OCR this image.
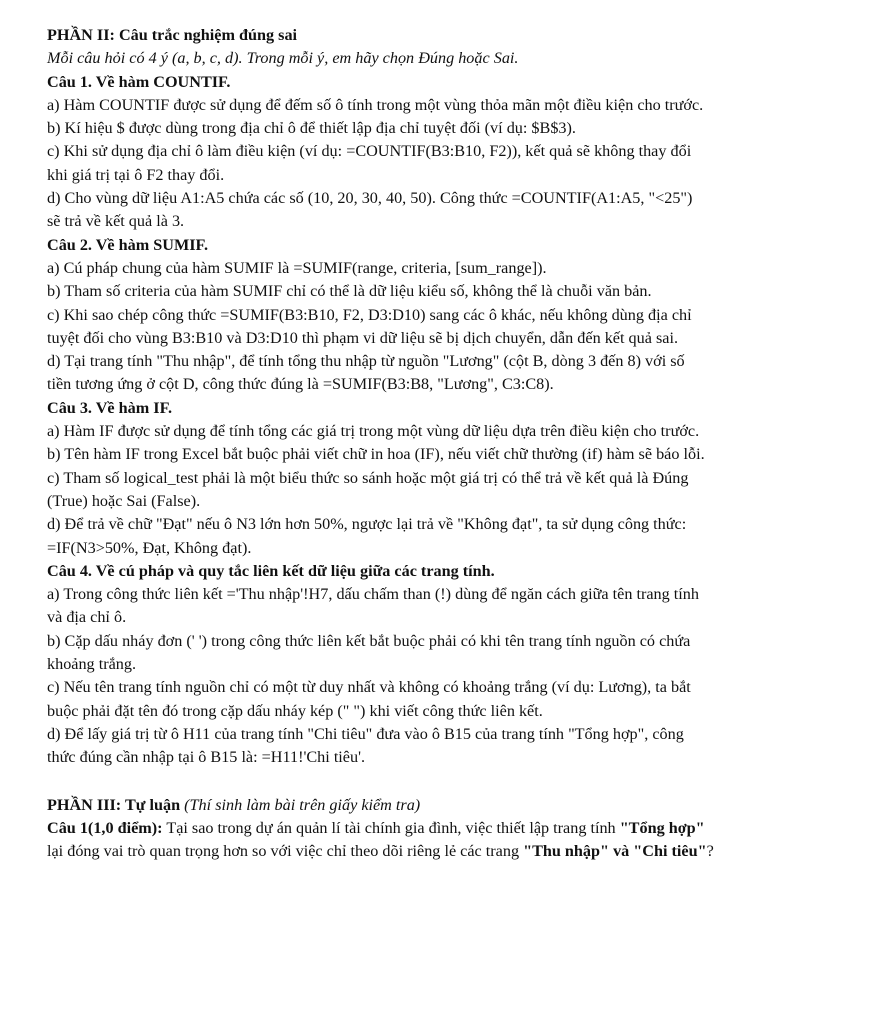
PHẦN II: Câu trắc nghiệm đúng sai
Mỗi câu hỏi có 4 ý (a, b, c, d). Trong mỗi ý, em hãy chọn Đúng hoặc Sai.
Câu 1. Về hàm COUNTIF.
a) Hàm COUNTIF được sử dụng để đếm số ô tính trong một vùng thỏa mãn một điều kiện cho trước.
b) Kí hiệu $ được dùng trong địa chỉ ô để thiết lập địa chỉ tuyệt đối (ví dụ: $B$3).
c) Khi sử dụng địa chỉ ô làm điều kiện (ví dụ: =COUNTIF(B3:B10, F2)), kết quả sẽ không thay đổi
khi giá trị tại ô F2 thay đổi.
d) Cho vùng dữ liệu A1:A5 chứa các số (10, 20, 30, 40, 50). Công thức =COUNTIF(A1:A5, "<25")
sẽ trả về kết quả là 3.
Câu 2. Về hàm SUMIF.
a) Cú pháp chung của hàm SUMIF là =SUMIF(range, criteria, [sum_range]).
b) Tham số criteria của hàm SUMIF chỉ có thể là dữ liệu kiểu số, không thể là chuỗi văn bản.
c) Khi sao chép công thức =SUMIF(B3:B10, F2, D3:D10) sang các ô khác, nếu không dùng địa chỉ
tuyệt đối cho vùng B3:B10 và D3:D10 thì phạm vi dữ liệu sẽ bị dịch chuyển, dẫn đến kết quả sai.
d) Tại trang tính "Thu nhập", để tính tổng thu nhập từ nguồn "Lương" (cột B, dòng 3 đến 8) với số
tiền tương ứng ở cột D, công thức đúng là =SUMIF(B3:B8, "Lương", C3:C8).
Câu 3. Về hàm IF.
a) Hàm IF được sử dụng để tính tổng các giá trị trong một vùng dữ liệu dựa trên điều kiện cho trước.
b) Tên hàm IF trong Excel bắt buộc phải viết chữ in hoa (IF), nếu viết chữ thường (if) hàm sẽ báo lỗi.
c) Tham số logical_test phải là một biểu thức so sánh hoặc một giá trị có thể trả về kết quả là Đúng
(True) hoặc Sai (False).
d) Để trả về chữ "Đạt" nếu ô N3 lớn hơn 50%, ngược lại trả về "Không đạt", ta sử dụng công thức:
=IF(N3>50%, Đạt, Không đạt).
Câu 4. Về cú pháp và quy tắc liên kết dữ liệu giữa các trang tính.
a) Trong công thức liên kết ='Thu nhập'!H7, dấu chấm than (!) dùng để ngăn cách giữa tên trang tính
và địa chỉ ô.
b) Cặp dấu nháy đơn (' ') trong công thức liên kết bắt buộc phải có khi tên trang tính nguồn có chứa
khoảng trắng.
c) Nếu tên trang tính nguồn chỉ có một từ duy nhất và không có khoảng trắng (ví dụ: Lương), ta bắt
buộc phải đặt tên đó trong cặp dấu nháy kép (" ") khi viết công thức liên kết.
d) Để lấy giá trị từ ô H11 của trang tính "Chi tiêu" đưa vào ô B15 của trang tính "Tổng hợp", công
thức đúng cần nhập tại ô B15 là: =H11!'Chi tiêu'.
PHẦN III: Tự luận (Thí sinh làm bài trên giấy kiểm tra)
Câu 1(1,0 điểm): Tại sao trong dự án quản lí tài chính gia đình, việc thiết lập trang tính "Tổng hợp"
lại đóng vai trò quan trọng hơn so với việc chỉ theo dõi riêng lẻ các trang "Thu nhập" và "Chi tiêu"?
